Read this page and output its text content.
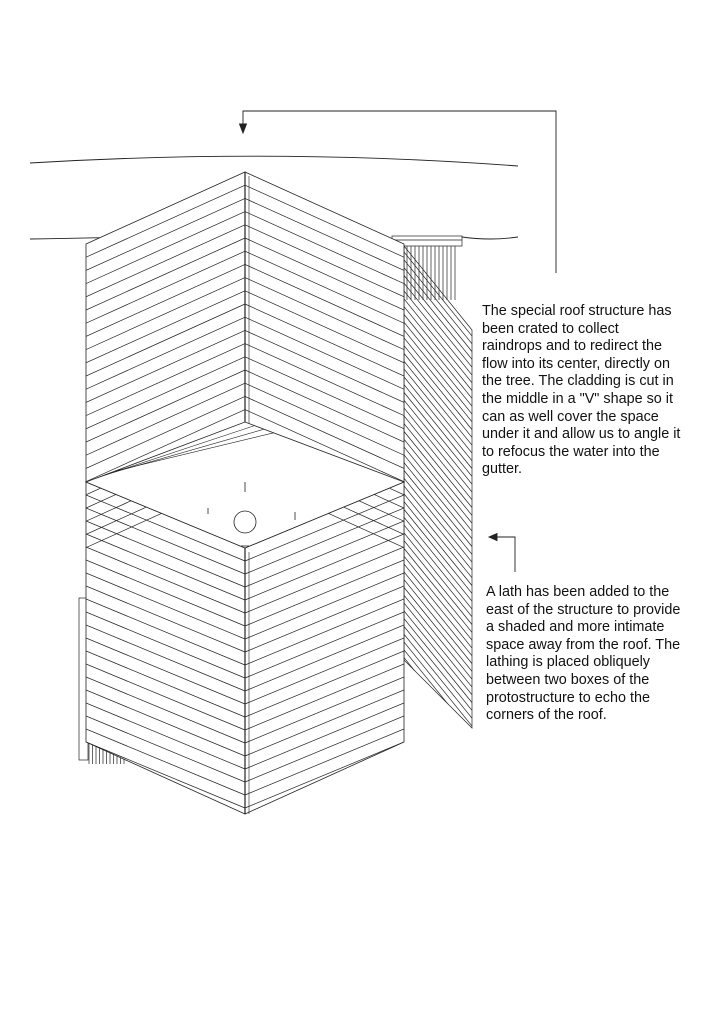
The special roof structure has
been crated to collect
raindrops and to redirect the
flow into its center, directly on
the tree. The cladding is cut in
the middle in a "V" shape so it
can as well cover the space
under it and allow us to angle it
to refocus the water into the
gutter.

A lath has been added to the
east of the structure to provide
a shaded and more intimate
space away from the roof. The
lathing is placed obliquely
between two boxes of the
protostructure to echo the
corners of the roof.
